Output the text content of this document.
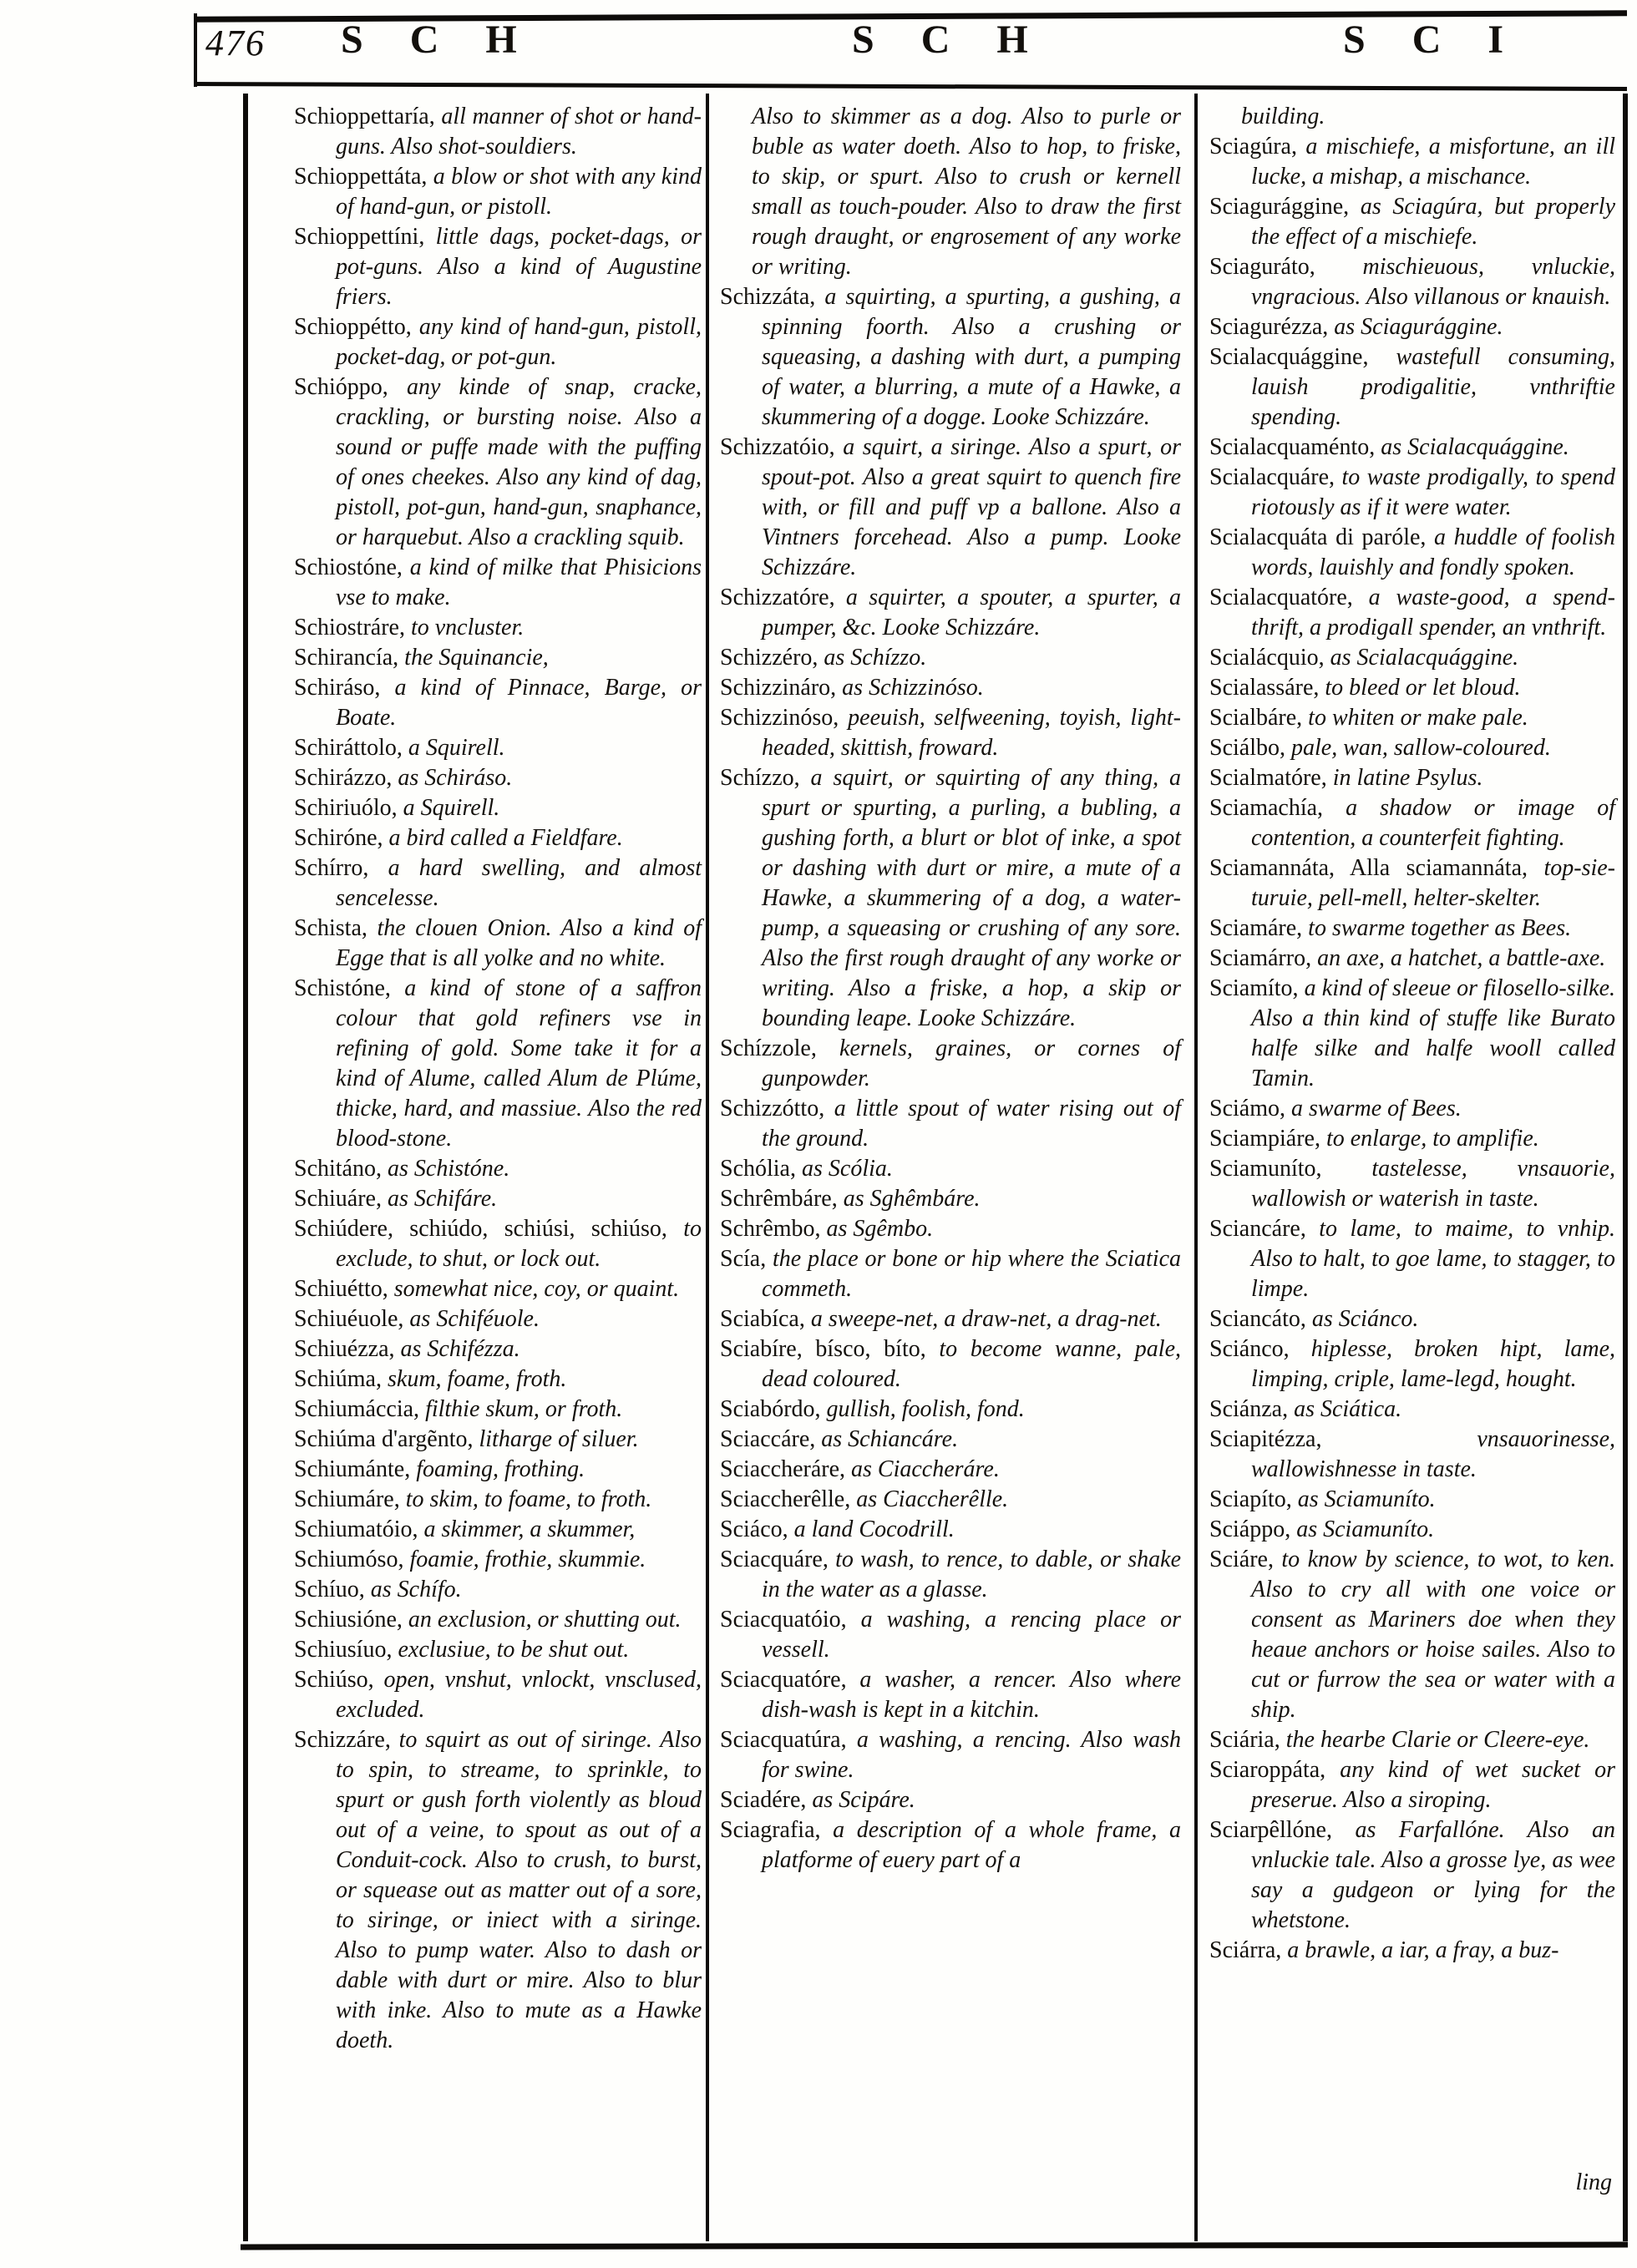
476 S C H	S C H	S C I

Schioppettaría, all manner of shot or hand-guns. Also shot-souldiers.

Schioppettáta, a blow or shot with any kind of hand-gun, or pistoll.

Schioppettíni, little dags, pocket-dags, or pot-guns. Also a kind of Augustine friers.

Schioppétto, any kind of hand-gun, pistoll, pocket-dag, or pot-gun.

Schióppo, any kinde of snap, cracke, crackling, or bursting noise. Also a sound or puffe made with the puffing of ones cheekes. Also any kind of dag, pistoll, pot-gun, hand-gun, snaphance, or harquebut. Also a crackling squib.

Schiostóne, a kind of milke that Phisicions vse to make.

Schiostráre, to vncluster.

Schirancía, the Squinancie,

Schiráso, a kind of Pinnace, Barge, or Boate.

Schiráttolo, a Squirell.

Schirázzo, as Schiráso.

Schiriuólo, a Squirell.

Schiróne, a bird called a Fieldfare.

Schírro, a hard swelling, and almost sencelesse.

Schista, the clouen Onion. Also a kind of Egge that is all yolke and no white.

Schistóne, a kind of stone of a saffron colour that gold refiners vse in refining of gold. Some take it for a kind of Alume, called Alum de Plúme, thicke, hard, and massiue. Also the red blood-stone.

Schitáno, as Schistóne.

Schiuáre, as Schifáre.

Schiúdere, schiúdo, schiúsi, schiúso, to exclude, to shut, or lock out.

Schiuétto, somewhat nice, coy, or quaint.

Schiuéuole, as Schiféuole.

Schiuézza, as Schifézza.

Schiúma, skum, foame, froth.

Schiumáccia, filthie skum, or froth.

Schiúma d'argẽnto, litharge of siluer.

Schiumánte, foaming, frothing.

Schiumáre, to skim, to foame, to froth.

Schiumatóio, a skimmer, a skummer,

Schiumóso, foamie, frothie, skummie.

Schíuo, as Schífo.

Schiusióne, an exclusion, or shutting out.

Schiusíuo, exclusiue, to be shut out.

Schiúso, open, vnshut, vnlockt, vnsclused, excluded.

Schizzáre, to squirt as out of siringe. Also to spin, to streame, to sprinkle, to spurt or gush forth violently as bloud out of a veine, to spout as out of a Conduit-cock. Also to crush, to burst, or squease out as matter out of a sore, to siringe, or iniect with a siringe. Also to pump water. Also to dash or dable with durt or mire. Also to blur with inke. Also to mute as a Hawke doeth.

Also to skimmer as a dog. Also to purle or buble as water doeth. Also to hop, to friske, to skip, or spurt. Also to crush or kernell small as touch-pouder. Also to draw the first rough draught, or engrosement of any worke or writing.

Schizzáta, a squirting, a spurting, a gushing, a spinning foorth. Also a crushing or squeasing, a dashing with durt, a pumping of water, a blurring, a mute of a Hawke, a skummering of a dogge. Looke Schizzáre.

Schizzatóio, a squirt, a siringe. Also a spurt, or spout-pot. Also a great squirt to quench fire with, or fill and puff vp a ballone. Also a Vintners forcehead. Also a pump. Looke Schizzáre.

Schizzatóre, a squirter, a spouter, a spurter, a pumper, &c. Looke Schizzáre.

Schizzéro, as Schízzo.

Schizzináro, as Schizzinóso.

Schizzinóso, peeuish, selfweening, toyish, light-headed, skittish, froward.

Schízzo, a squirt, or squirting of any thing, a spurt or spurting, a purling, a bubling, a gushing forth, a blurt or blot of inke, a spot or dashing with durt or mire, a mute of a Hawke, a skummering of a dog, a water-pump, a squeasing or crushing of any sore. Also the first rough draught of any worke or writing. Also a friske, a hop, a skip or bounding leape. Looke Schizzáre.

Schízzole, kernels, graines, or cornes of gunpowder.

Schizzótto, a little spout of water rising out of the ground.

Schólia, as Scólia.

Schrêmbáre, as Sghêmbáre.

Schrêmbo, as Sgêmbo.

Scía, the place or bone or hip where the Sciatica commeth.

Sciabíca, a sweepe-net, a draw-net, a drag-net.

Sciabíre, bísco, bíto, to become wanne, pale, dead coloured.

Sciabórdo, gullish, foolish, fond.

Sciaccáre, as Schiancáre.

Sciaccheráre, as Ciaccheráre.

Sciaccherêlle, as Ciaccherêlle.

Sciáco, a land Cocodrill.

Sciacquáre, to wash, to rence, to dable, or shake in the water as a glasse.

Sciacquatóio, a washing, a rencing place or vessell.

Sciacquatóre, a washer, a rencer. Also where dish-wash is kept in a kitchin.

Sciacquatúra, a washing, a rencing. Also wash for swine.

Sciadére, as Scipáre.

Sciagrafia, a description of a whole frame, a platforme of euery part of a

building.

Sciagúra, a mischiefe, a misfortune, an ill lucke, a mishap, a mischance.

Sciagurággine, as Sciagúra, but properly the effect of a mischiefe.

Sciaguráto, mischieuous, vnluckie, vngracious. Also villanous or knauish.

Sciagurézza, as Sciagurággine.

Scialacquággine, wastefull consuming, lauish prodigalitie, vnthriftie spending.

Scialacquaménto, as Scialacquággine.

Scialacquáre, to waste prodigally, to spend riotously as if it were water.

Scialacquáta di paróle, a huddle of foolish words, lauishly and fondly spoken.

Scialacquatóre, a waste-good, a spend-thrift, a prodigall spender, an vnthrift.

Scialácquio, as Scialacquággine.

Scialassáre, to bleed or let bloud.

Scialbáre, to whiten or make pale.

Sciálbo, pale, wan, sallow-coloured.

Scialmatóre, in latine Psylus.

Sciamachía, a shadow or image of contention, a counterfeit fighting.

Sciamannáta, Alla sciamannáta, top-sie-turuie, pell-mell, helter-skelter.

Sciamáre, to swarme together as Bees.

Sciamárro, an axe, a hatchet, a battle-axe.

Sciamíto, a kind of sleeue or filosello-silke. Also a thin kind of stuffe like Burato halfe silke and halfe wooll called Tamin.

Sciámo, a swarme of Bees.

Sciampiáre, to enlarge, to amplifie.

Sciamuníto, tastelesse, vnsauorie, wallowish or waterish in taste.

Sciancáre, to lame, to maime, to vnhip. Also to halt, to goe lame, to stagger, to limpe.

Sciancáto, as Sciánco.

Sciánco, hiplesse, broken hipt, lame, limping, criple, lame-legd, hought.

Sciánza, as Sciática.

Sciapitézza, vnsauorinesse, wallowishnesse in taste.

Sciapíto, as Sciamuníto.

Sciáppo, as Sciamuníto.

Sciáre, to know by science, to wot, to ken. Also to cry all with one voice or consent as Mariners doe when they heaue anchors or hoise sailes. Also to cut or furrow the sea or water with a ship.

Sciária, the hearbe Clarie or Cleere-eye.

Sciaroppáta, any kind of wet sucket or preserue. Also a siroping.

Sciarpêllóne, as Farfallóne. Also an vnluckie tale. Also a grosse lye, as wee say a gudgeon or lying for the whetstone.

Sciárra, a brawle, a iar, a fray, a buz-

ling
